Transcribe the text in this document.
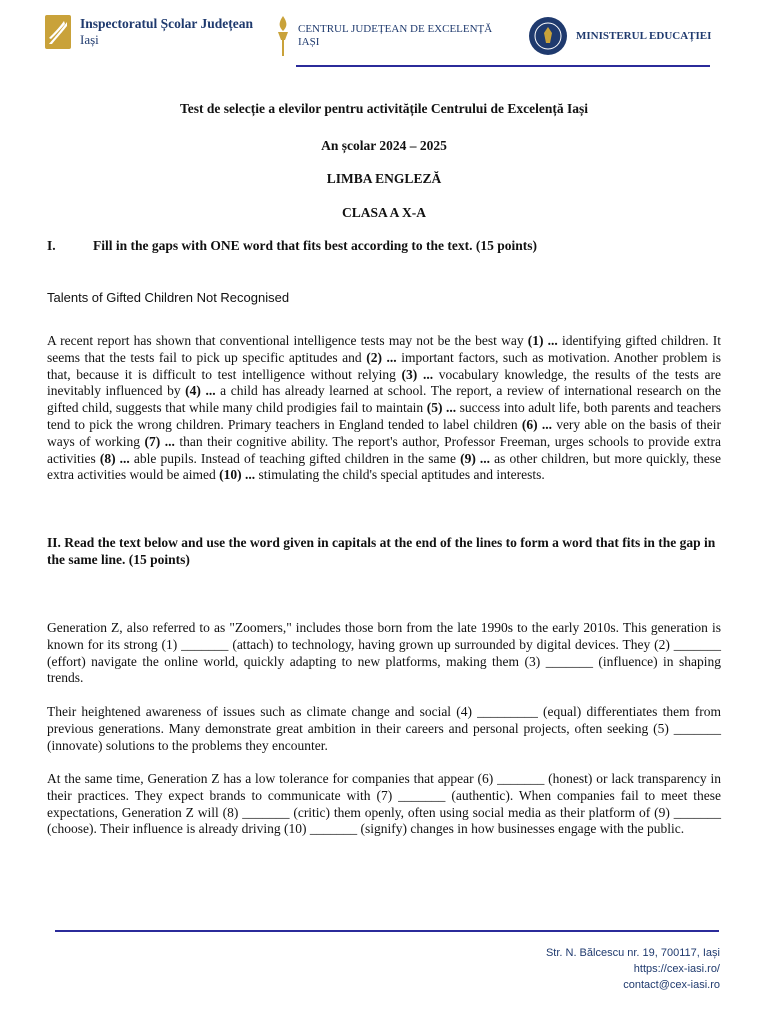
Inspectoratul Școlar Județean
Iași
CENTRUL JUDEȚEAN DE EXCELENȚĂ
IAȘI	MINISTERUL EDUCAȚIEI
Test de selecție a elevilor pentru activitățile Centrului de Excelență Iași
An școlar 2024 – 2025
LIMBA ENGLEZĂ
CLASA A X-A
I.	Fill in the gaps with ONE word that fits best according to the text. (15 points)
Talents of Gifted Children Not Recognised
A recent report has shown that conventional intelligence tests may not be the best way (1) ... identifying gifted children. It seems that the tests fail to pick up specific aptitudes and (2) ... important factors, such as motivation. Another problem is that, because it is difficult to test intelligence without relying (3) ... vocabulary knowledge, the results of the tests are inevitably influenced by (4) ... a child has already learned at school. The report, a review of international research on the gifted child, suggests that while many child prodigies fail to maintain (5) ... success into adult life, both parents and teachers tend to pick the wrong children. Primary teachers in England tended to label children (6) ... very able on the basis of their ways of working (7) ... than their cognitive ability. The report's author, Professor Freeman, urges schools to provide extra activities (8) ... able pupils. Instead of teaching gifted children in the same (9) ... as other children, but more quickly, these extra activities would be aimed (10) ... stimulating the child's special aptitudes and interests.
II. Read the text below and use the word given in capitals at the end of the lines to form a word that fits in the gap in the same line. (15 points)
Generation Z, also referred to as "Zoomers," includes those born from the late 1990s to the early 2010s. This generation is known for its strong (1) _______ (attach) to technology, having grown up surrounded by digital devices. They (2) _______ (effort) navigate the online world, quickly adapting to new platforms, making them (3) _______ (influence) in shaping trends.
Their heightened awareness of issues such as climate change and social (4) _________ (equal) differentiates them from previous generations. Many demonstrate great ambition in their careers and personal projects, often seeking (5) _______ (innovate) solutions to the problems they encounter.
At the same time, Generation Z has a low tolerance for companies that appear (6) _______ (honest) or lack transparency in their practices. They expect brands to communicate with (7) _______ (authentic). When companies fail to meet these expectations, Generation Z will (8) _______ (critic) them openly, often using social media as their platform of (9) _______ (choose). Their influence is already driving (10) _______ (signify) changes in how businesses engage with the public.
Str. N. Bălcescu nr. 19, 700117, Iași
https://cex-iasi.ro/
contact@cex-iasi.ro
